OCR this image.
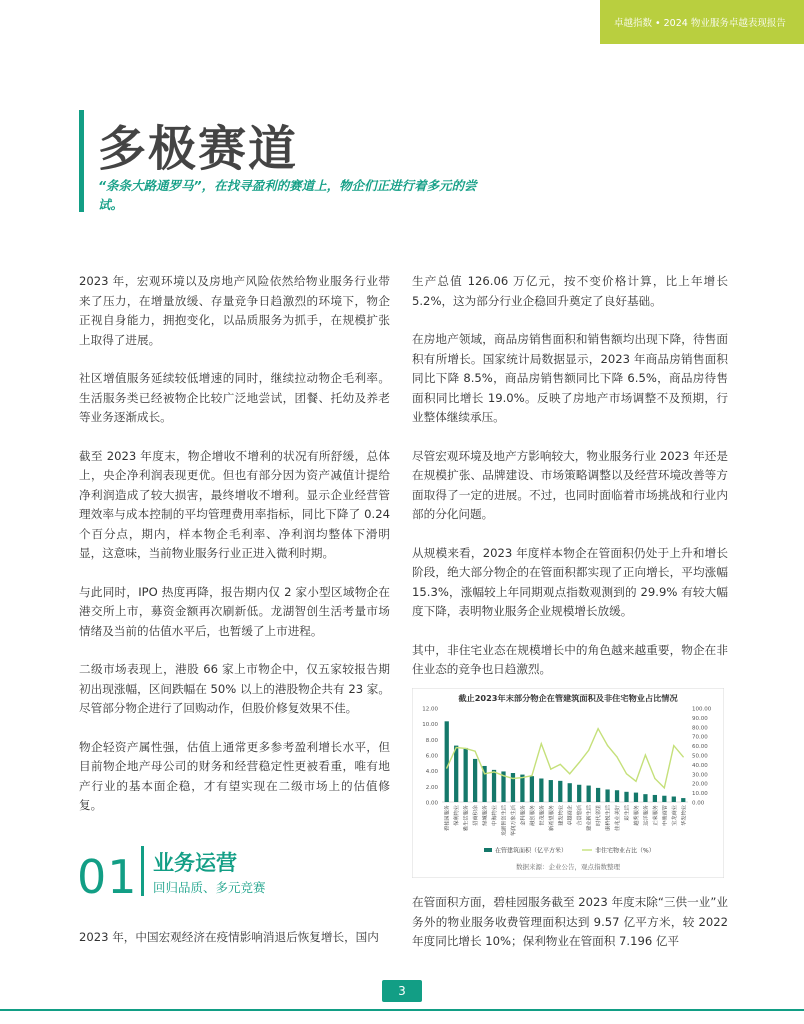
卓越指数 • 2024 物业服务卓越表现报告
多极赛道
“条条大路通罗马”，在找寻盈利的赛道上，物企们正进行着多元的尝试。

2023 年，宏观环境以及房地产风险依然给物业服务行业带来了压力，在增量放缓、存量竞争日趋激烈的环境下，物企正视自身能力，拥抱变化，以品质服务为抓手，在规模扩张上取得了进展。

社区增值服务延续较低增速的同时，继续拉动物企毛利率。生活服务类已经被物企比较广泛地尝试，团餐、托幼及养老等业务逐渐成长。

截至 2023 年度末，物企增收不增利的状况有所舒缓，总体上，央企净利润表现更优。但也有部分因为资产减值计提给净利润造成了较大损害，最终增收不增利。显示企业经营管理效率与成本控制的平均管理费用率指标，同比下降了 0.24 个百分点，期内，样本物企毛利率、净利润均整体下滑明显，这意味，当前物业服务行业正进入微利时期。

与此同时，IPO 热度再降，报告期内仅 2 家小型区域物企在港交所上市，募资金额再次刷新低。龙湖智创生活考量市场情绪及当前的估值水平后，也暂缓了上市进程。

二级市场表现上，港股 66 家上市物企中，仅五家较报告期初出现涨幅，区间跌幅在 50% 以上的港股物企共有 23 家。尽管部分物企进行了回购动作，但股价修复效果不佳。

物企轻资产属性强，估值上通常更多参考盈利增长水平，但目前物企地产母公司的财务和经营稳定性更被看重，唯有地产行业的基本面企稳，才有望实现在二级市场上的估值修复。

01 业务运营
回归品质、多元竞赛
2023 年，中国宏观经济在疫情影响消退后恢复增长，国内

生产总值 126.06 万亿元，按不变价格计算，比上年增长 5.2%，这为部分行业企稳回升奠定了良好基础。

在房地产领域，商品房销售面积和销售额均出现下降，待售面积有所增长。国家统计局数据显示，2023 年商品房销售面积同比下降 8.5%，商品房销售额同比下降 6.5%，商品房待售面积同比增长 19.0%。反映了房地产市场调整不及预期，行业整体继续承压。

尽管宏观环境及地产方影响较大，物业服务行业 2023 年还是在规模扩张、品牌建设、市场策略调整以及经营环境改善等方面取得了一定的进展。不过，也同时面临着市场挑战和行业内部的分化问题。

从规模来看，2023 年度样本物企在管面积仍处于上升和增长阶段，绝大部分物企的在管面积都实现了正向增长，平均涨幅 15.3%，涨幅较上年同期观点指数观测到的 29.9% 有较大幅度下降，表明物业服务企业规模增长放缓。

其中，非住宅业态在规模增长中的角色越来越重要，物企在非住业态的竞争也日趋激烈。

截止2023年末部分物企在管建筑面积及非住宅物业占比情况
0.00
2.00
4.00
6.00
8.00
10.00
12.00
0.00
10.00
20.00
30.00
40.00
50.00
60.00
70.00
80.00
90.00
100.00
碧桂园服务 保利物业 雅生活服务 招商积余 绿城服务 中海物业 龙湖智创生活 华润万象生活 金科服务 融创服务 世茂服务 新希望服务 建发物业 卓越商企 合景悠活 建业新生活 时代邻里 康桥悦生活 佳兆业美好 彩生活 越秀服务 远洋服务 正荣服务 中骏商管 宝龙商业 华发物业
在管建筑面积（亿平方米）	非住宅物业占比（%）
数据来源：企业公告，观点指数整理
在管面积方面，碧桂园服务截至 2023 年度末除“三供一业”业务外的物业服务收费管理面积达到 9.57 亿平方米，较 2022 年度同比增长 10%；保利物业在管面积 7.196 亿平
3
